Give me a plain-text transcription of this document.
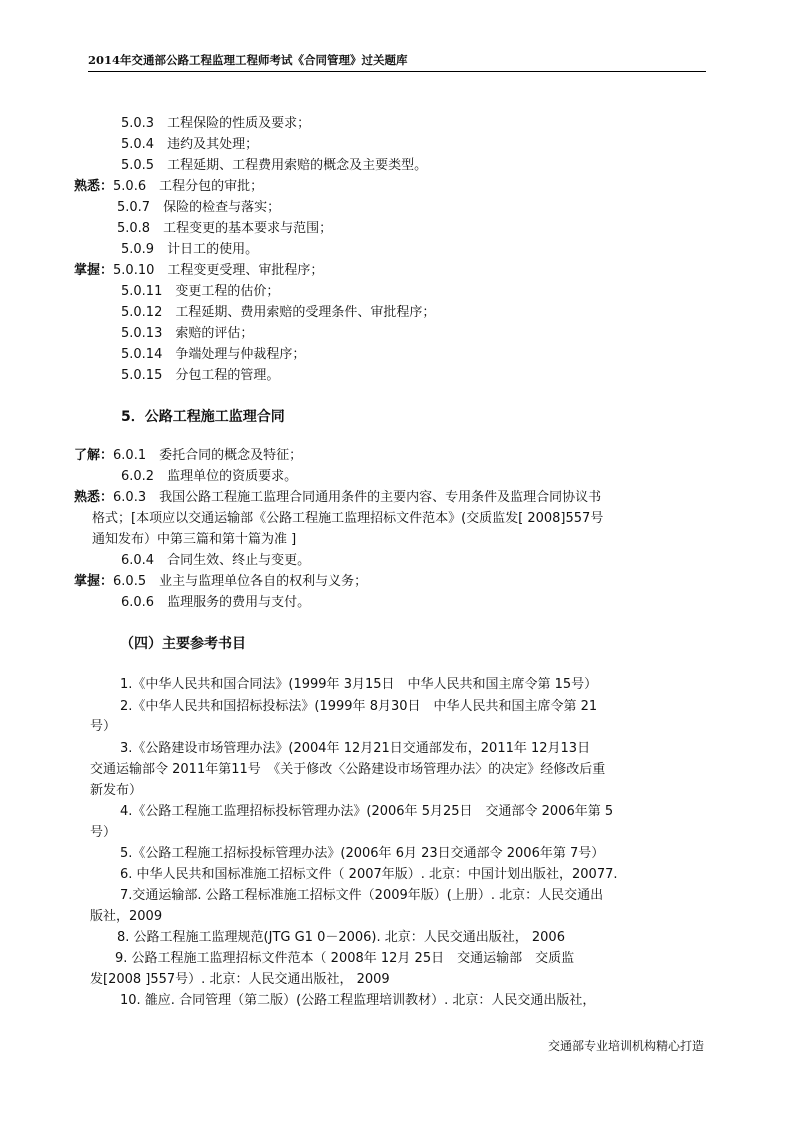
2014年交通部公路工程监理工程师考试《合同管理》过关题库
5.0.3　工程保险的性质及要求；
5.0.4　违约及其处理；
5.0.5　工程延期、工程费用索赔的概念及主要类型。
熟悉：5.0.6　工程分包的审批；
5.0.7　保险的检查与落实；
5.0.8　工程变更的基本要求与范围；
5.0.9　计日工的使用。
掌握：5.0.10　工程变更受理、审批程序；
5.0.11　变更工程的估价；
5.0.12　工程延期、费用索赔的受理条件、审批程序；
5.0.13　索赔的评估；
5.0.14　争端处理与仲裁程序；
5.0.15　分包工程的管理。
5．公路工程施工监理合同
了解：6.0.1　委托合同的概念及特征；
6.0.2　监理单位的资质要求。
熟悉：6.0.3　我国公路工程施工监理合同通用条件的主要内容、专用条件及监理合同协议书
格式；[本项应以交通运输部《公路工程施工监理招标文件范本》(交质监发[ 2008]557号
通知发布）中第三篇和第十篇为准 ]
6.0.4　合同生效、终止与变更。
掌握：6.0.5　业主与监理单位各自的权利与义务；
6.0.6　监理服务的费用与支付。
（四）主要参考书目
1.《中华人民共和国合同法》(1999年 3月15日　中华人民共和国主席令第 15号）
2.《中华人民共和国招标投标法》(1999年 8月30日　中华人民共和国主席令第 21
号）
3.《公路建设市场管理办法》(2004年 12月21日交通部发布，2011年 12月13日
交通运输部令 2011年第11号　《关于修改〈公路建设市场管理办法〉的决定》经修改后重
新发布）
4.《公路工程施工监理招标投标管理办法》(2006年 5月25日　交通部令 2006年第 5
号）
5.《公路工程施工招标投标管理办法》(2006年 6月 23日交通部令 2006年第 7号）
6. 中华人民共和国标准施工招标文件（ 2007年版）. 北京：中国计划出版社，20077.
7.交通运输部. 公路工程标准施工招标文件（2009年版）(上册）. 北京：人民交通出
版社，2009
8. 公路工程施工监理规范(JTG G1 0－2006). 北京：人民交通出版社， 2006
9. 公路工程施工监理招标文件范本（ 2008年 12月 25日　交通运输部　交质监
发[2008 ]557号）. 北京：人民交通出版社， 2009
10. 雒应. 合同管理（第二版）(公路工程监理培训教材）. 北京：人民交通出版社，
交通部专业培训机构精心打造
